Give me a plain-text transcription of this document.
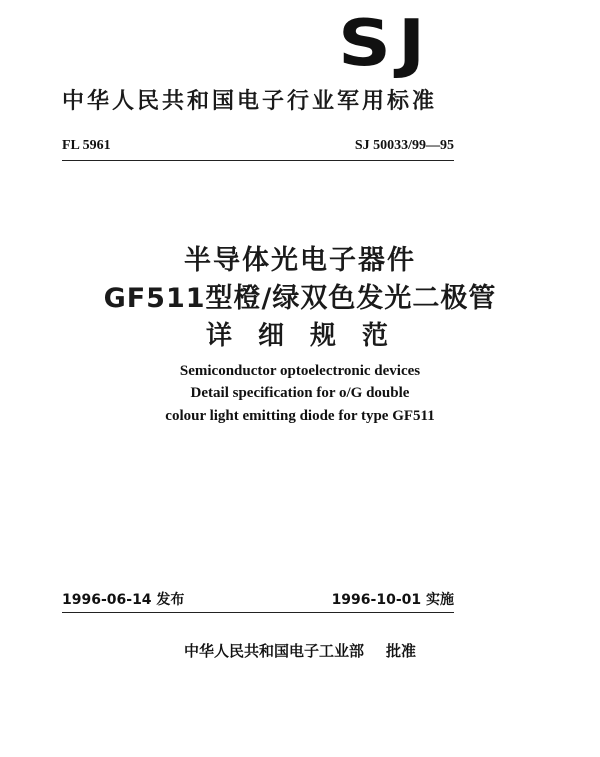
SJ
中华人民共和国电子行业军用标准
FL 5961	SJ 50033/99—95
半导体光电子器件
GF511型橙/绿双色发光二极管
详细规范
Semiconductor optoelectronic devices
Detail specification for o/G double
colour light emitting diode for type GF511
1996-06-14 发布	1996-10-01 实施
中华人民共和国电子工业部 批准
